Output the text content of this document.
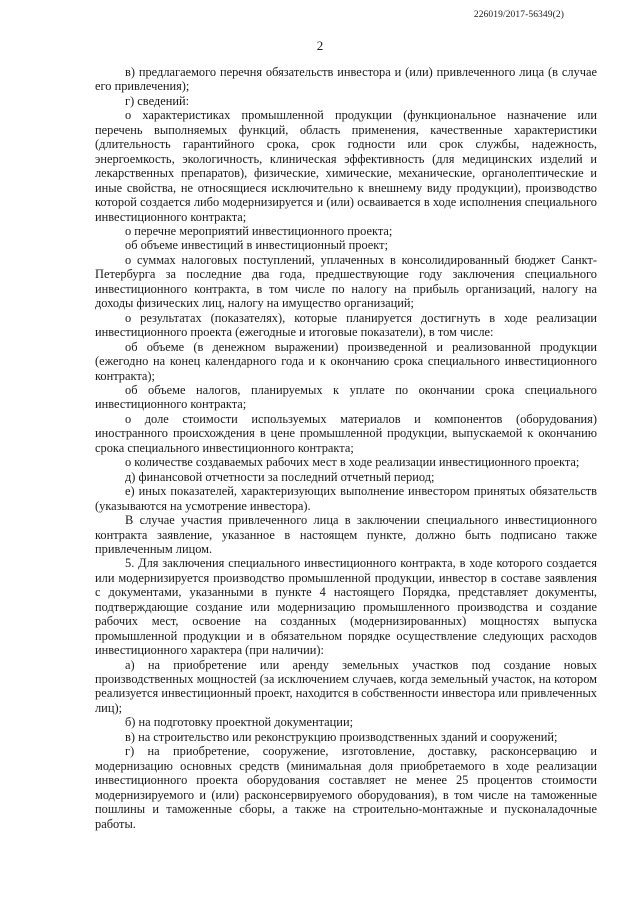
226019/2017-56349(2)
2

в) предлагаемого перечня обязательств инвестора и (или) привлеченного лица (в случае его привлечения);

г) сведений:

о характеристиках промышленной продукции (функциональное назначение или перечень выполняемых функций, область применения, качественные характеристики (длительность гарантийного срока, срок годности или срок службы, надежность, энергоемкость, экологичность, клиническая эффективность (для медицинских изделий и лекарственных препаратов), физические, химические, механические, органолептические и иные свойства, не относящиеся исключительно к внешнему виду продукции), производство которой создается либо модернизируется и (или) осваивается в ходе исполнения специального инвестиционного контракта;

о перечне мероприятий инвестиционного проекта;

об объеме инвестиций в инвестиционный проект;

о суммах налоговых поступлений, уплаченных в консолидированный бюджет Санкт-Петербурга за последние два года, предшествующие году заключения специального инвестиционного контракта, в том числе по налогу на прибыль организаций, налогу на доходы физических лиц, налогу на имущество организаций;

о результатах (показателях), которые планируется достигнуть в ходе реализации инвестиционного проекта (ежегодные и итоговые показатели), в том числе:

об объеме (в денежном выражении) произведенной и реализованной продукции (ежегодно на конец календарного года и к окончанию срока специального инвестиционного контракта);

об объеме налогов, планируемых к уплате по окончании срока специального инвестиционного контракта;

о доле стоимости используемых материалов и компонентов (оборудования) иностранного происхождения в цене промышленной продукции, выпускаемой к окончанию срока специального инвестиционного контракта;

о количестве создаваемых рабочих мест в ходе реализации инвестиционного проекта;

д) финансовой отчетности за последний отчетный период;

е) иных показателей, характеризующих выполнение инвестором принятых обязательств (указываются на усмотрение инвестора).

В случае участия привлеченного лица в заключении специального инвестиционного контракта заявление, указанное в настоящем пункте, должно быть подписано также привлеченным лицом.

5. Для заключения специального инвестиционного контракта, в ходе которого создается или модернизируется производство промышленной продукции, инвестор в составе заявления с документами, указанными в пункте 4 настоящего Порядка, представляет документы, подтверждающие создание или модернизацию промышленного производства и создание рабочих мест, освоение на созданных (модернизированных) мощностях выпуска промышленной продукции и в обязательном порядке осуществление следующих расходов инвестиционного характера (при наличии):

а) на приобретение или аренду земельных участков под создание новых производственных мощностей (за исключением случаев, когда земельный участок, на котором реализуется инвестиционный проект, находится в собственности инвестора или привлеченных лиц);

б) на подготовку проектной документации;

в) на строительство или реконструкцию производственных зданий и сооружений;

г) на приобретение, сооружение, изготовление, доставку, расконсервацию и модернизацию основных средств (минимальная доля приобретаемого в ходе реализации инвестиционного проекта оборудования составляет не менее 25 процентов стоимости модернизируемого и (или) расконсервируемого оборудования), в том числе на таможенные пошлины и таможенные сборы, а также на строительно-монтажные и пусконаладочные работы.
